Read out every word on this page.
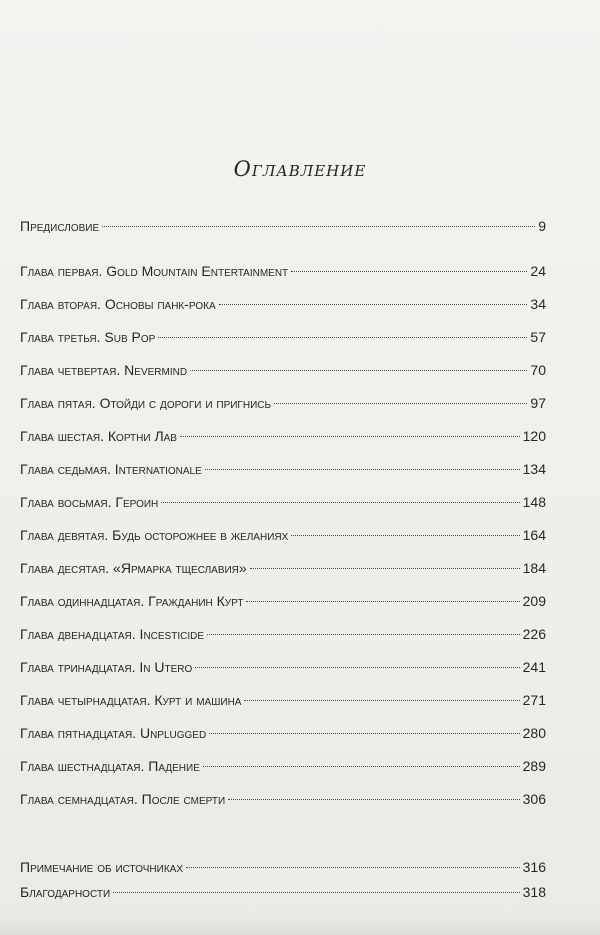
Оглавление
Предисловие	9
Глава первая. Gold Mountain Entertainment	24
Глава вторая. Основы панк-рока	34
Глава третья. Sub Pop	57
Глава четвертая. Nevermind	70
Глава пятая. Отойди с дороги и пригнись	97
Глава шестая. Кортни Лав	120
Глава седьмая. Internationale	134
Глава восьмая. Героин	148
Глава девятая. Будь осторожнее в желаниях	164
Глава десятая. «Ярмарка тщеславия»	184
Глава одиннадцатая. Гражданин Курт	209
Глава двенадцатая. Incesticide	226
Глава тринадцатая. In Utero	241
Глава четырнадцатая. Курт и машина	271
Глава пятнадцатая. Unplugged	280
Глава шестнадцатая. Падение	289
Глава семнадцатая. После смерти	306
Примечание об источниках	316
Благодарности	318
